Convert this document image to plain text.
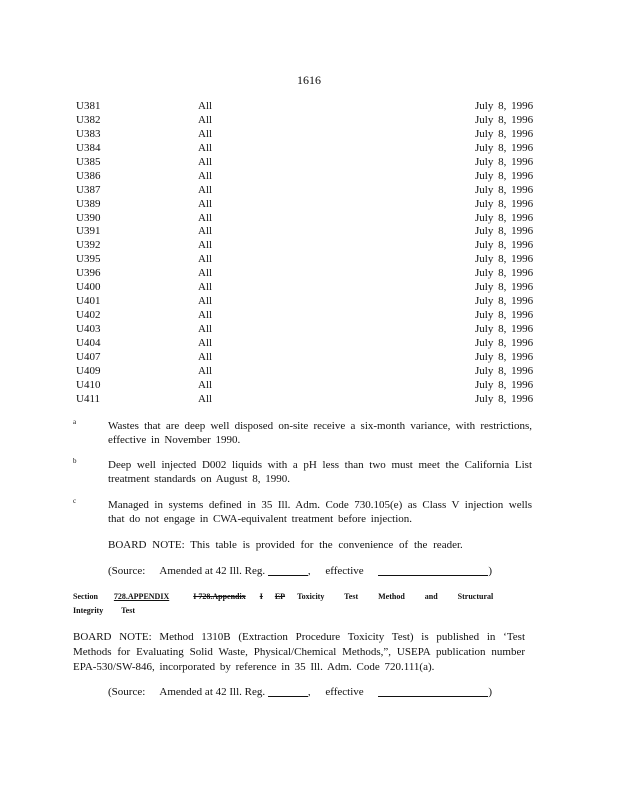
1616
U381	All	July 8, 1996
U382	All	July 8, 1996
U383	All	July 8, 1996
U384	All	July 8, 1996
U385	All	July 8, 1996
U386	All	July 8, 1996
U387	All	July 8, 1996
U389	All	July 8, 1996
U390	All	July 8, 1996
U391	All	July 8, 1996
U392	All	July 8, 1996
U395	All	July 8, 1996
U396	All	July 8, 1996
U400	All	July 8, 1996
U401	All	July 8, 1996
U402	All	July 8, 1996
U403	All	July 8, 1996
U404	All	July 8, 1996
U407	All	July 8, 1996
U409	All	July 8, 1996
U410	All	July 8, 1996
U411	All	July 8, 1996
a	Wastes that are deep well disposed on-site receive a six-month variance, with restrictions, effective in November 1990.
b	Deep well injected D002 liquids with a pH less than two must meet the California List treatment standards on August 8, 1990.
c	Managed in systems defined in 35 Ill. Adm. Code 730.105(e) as Class V injection wells that do not engage in CWA-equivalent treatment before injection.
BOARD NOTE: This table is provided for the convenience of the reader.
(Source: Amended at 42 Ill. Reg.	, effective	)
Section 728.APPENDIX	I 728.Appendix I EP Toxicity Test Method and Structural
Integrity Test
BOARD NOTE: Method 1310B (Extraction Procedure Toxicity Test) is published in ‘Test Methods for Evaluating Solid Waste, Physical/Chemical Methods,”, USEPA publication number EPA-530/SW-846, incorporated by reference in 35 Ill. Adm. Code 720.111(a).
(Source: Amended at 42 Ill. Reg.	, effective	)
